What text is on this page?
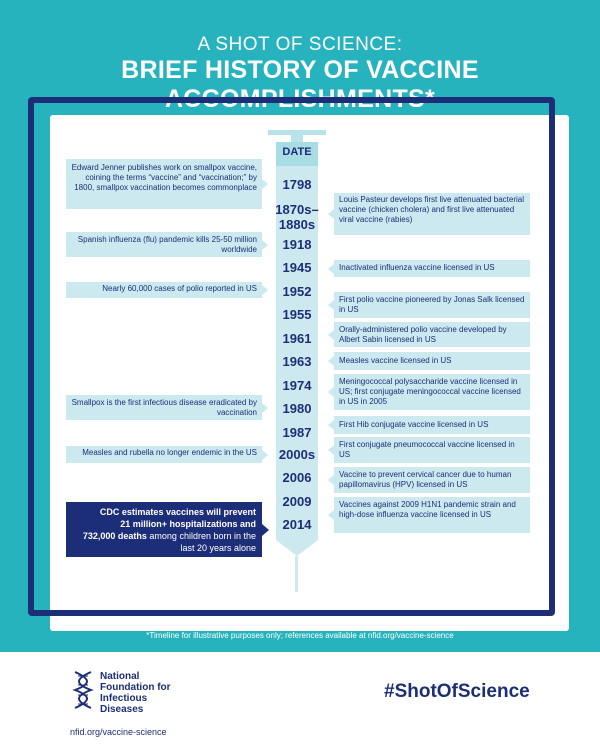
A SHOT OF SCIENCE:
BRIEF HISTORY OF VACCINE ACCOMPLISHMENTS*
DATE
1798
1870s–
1880s
1918
1945
1952
1955
1961
1963
1974
1980
1987
2000s
2006
2009
2014
Edward Jenner publishes work on smallpox vaccine, coining the terms “vaccine” and “vaccination;” by 1800, smallpox vaccination becomes commonplace
Spanish influenza (flu) pandemic kills 25-50 million worldwide
Nearly 60,000 cases of polio reported in US
Smallpox is the first infectious disease eradicated by vaccination
Measles and rubella no longer endemic in the US
Louis Pasteur develops first live attenuated bacterial vaccine (chicken cholera) and first live attenuated viral vaccine (rabies)
Inactivated influenza vaccine licensed in US
First polio vaccine pioneered by Jonas Salk licensed in US
Orally-administered polio vaccine developed by Albert Sabin licensed in US
Measles vaccine licensed in US
Meningococcal polysaccharide vaccine licensed in US; first conjugate meningococcal vaccine licensed in US in 2005
First Hib conjugate vaccine licensed in US
First conjugate pneumococcal vaccine licensed in US
Vaccine to prevent cervical cancer due to human papillomavirus (HPV) licensed in US
Vaccines against 2009 H1N1 pandemic strain and high-dose influenza vaccine licensed in US
CDC estimates vaccines will prevent
21 million+ hospitalizations and
732,000 deaths among children born in the last 20 years alone
*Timeline for illustrative purposes only; references available at nfid.org/vaccine-science
National
Foundation for
Infectious
Diseases
nfid.org/vaccine-science
#ShotOfScience
